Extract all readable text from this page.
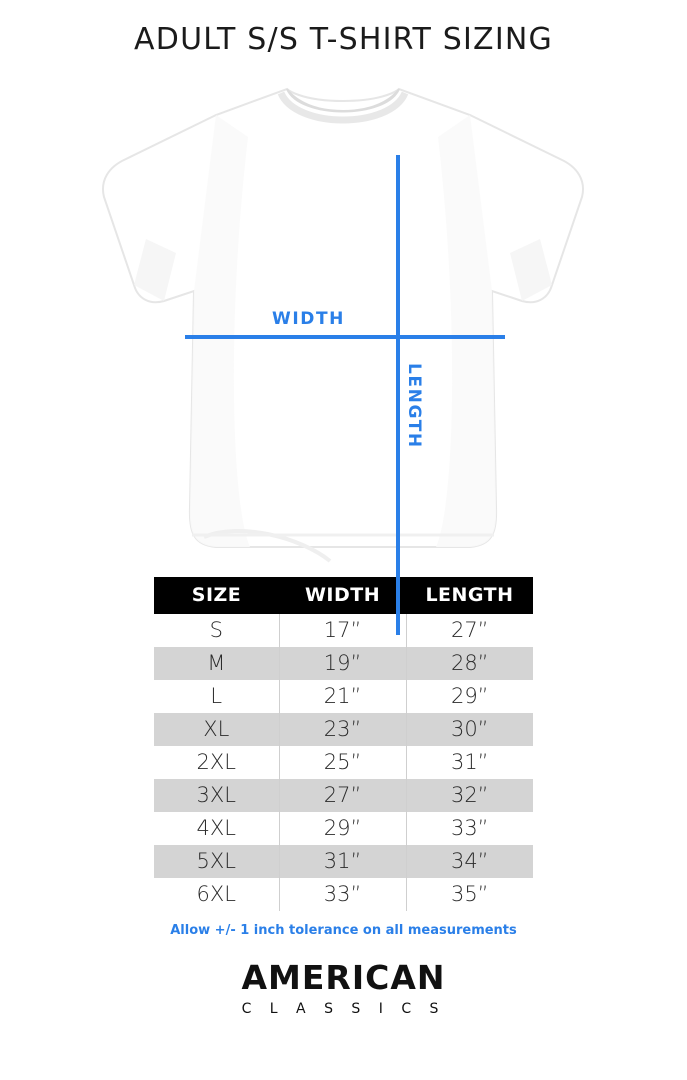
ADULT S/S T-SHIRT SIZING
WIDTH
LENGTH
SIZE	WIDTH	LENGTH
S	17”	27”
M	19”	28”
L	21”	29”
XL	23”	30”
2XL	25”	31”
3XL	27”	32”
4XL	29”	33”
5XL	31”	34”
6XL	33”	35”
Allow +/- 1 inch tolerance on all measurements
AMERICAN
C L A S S I C S
